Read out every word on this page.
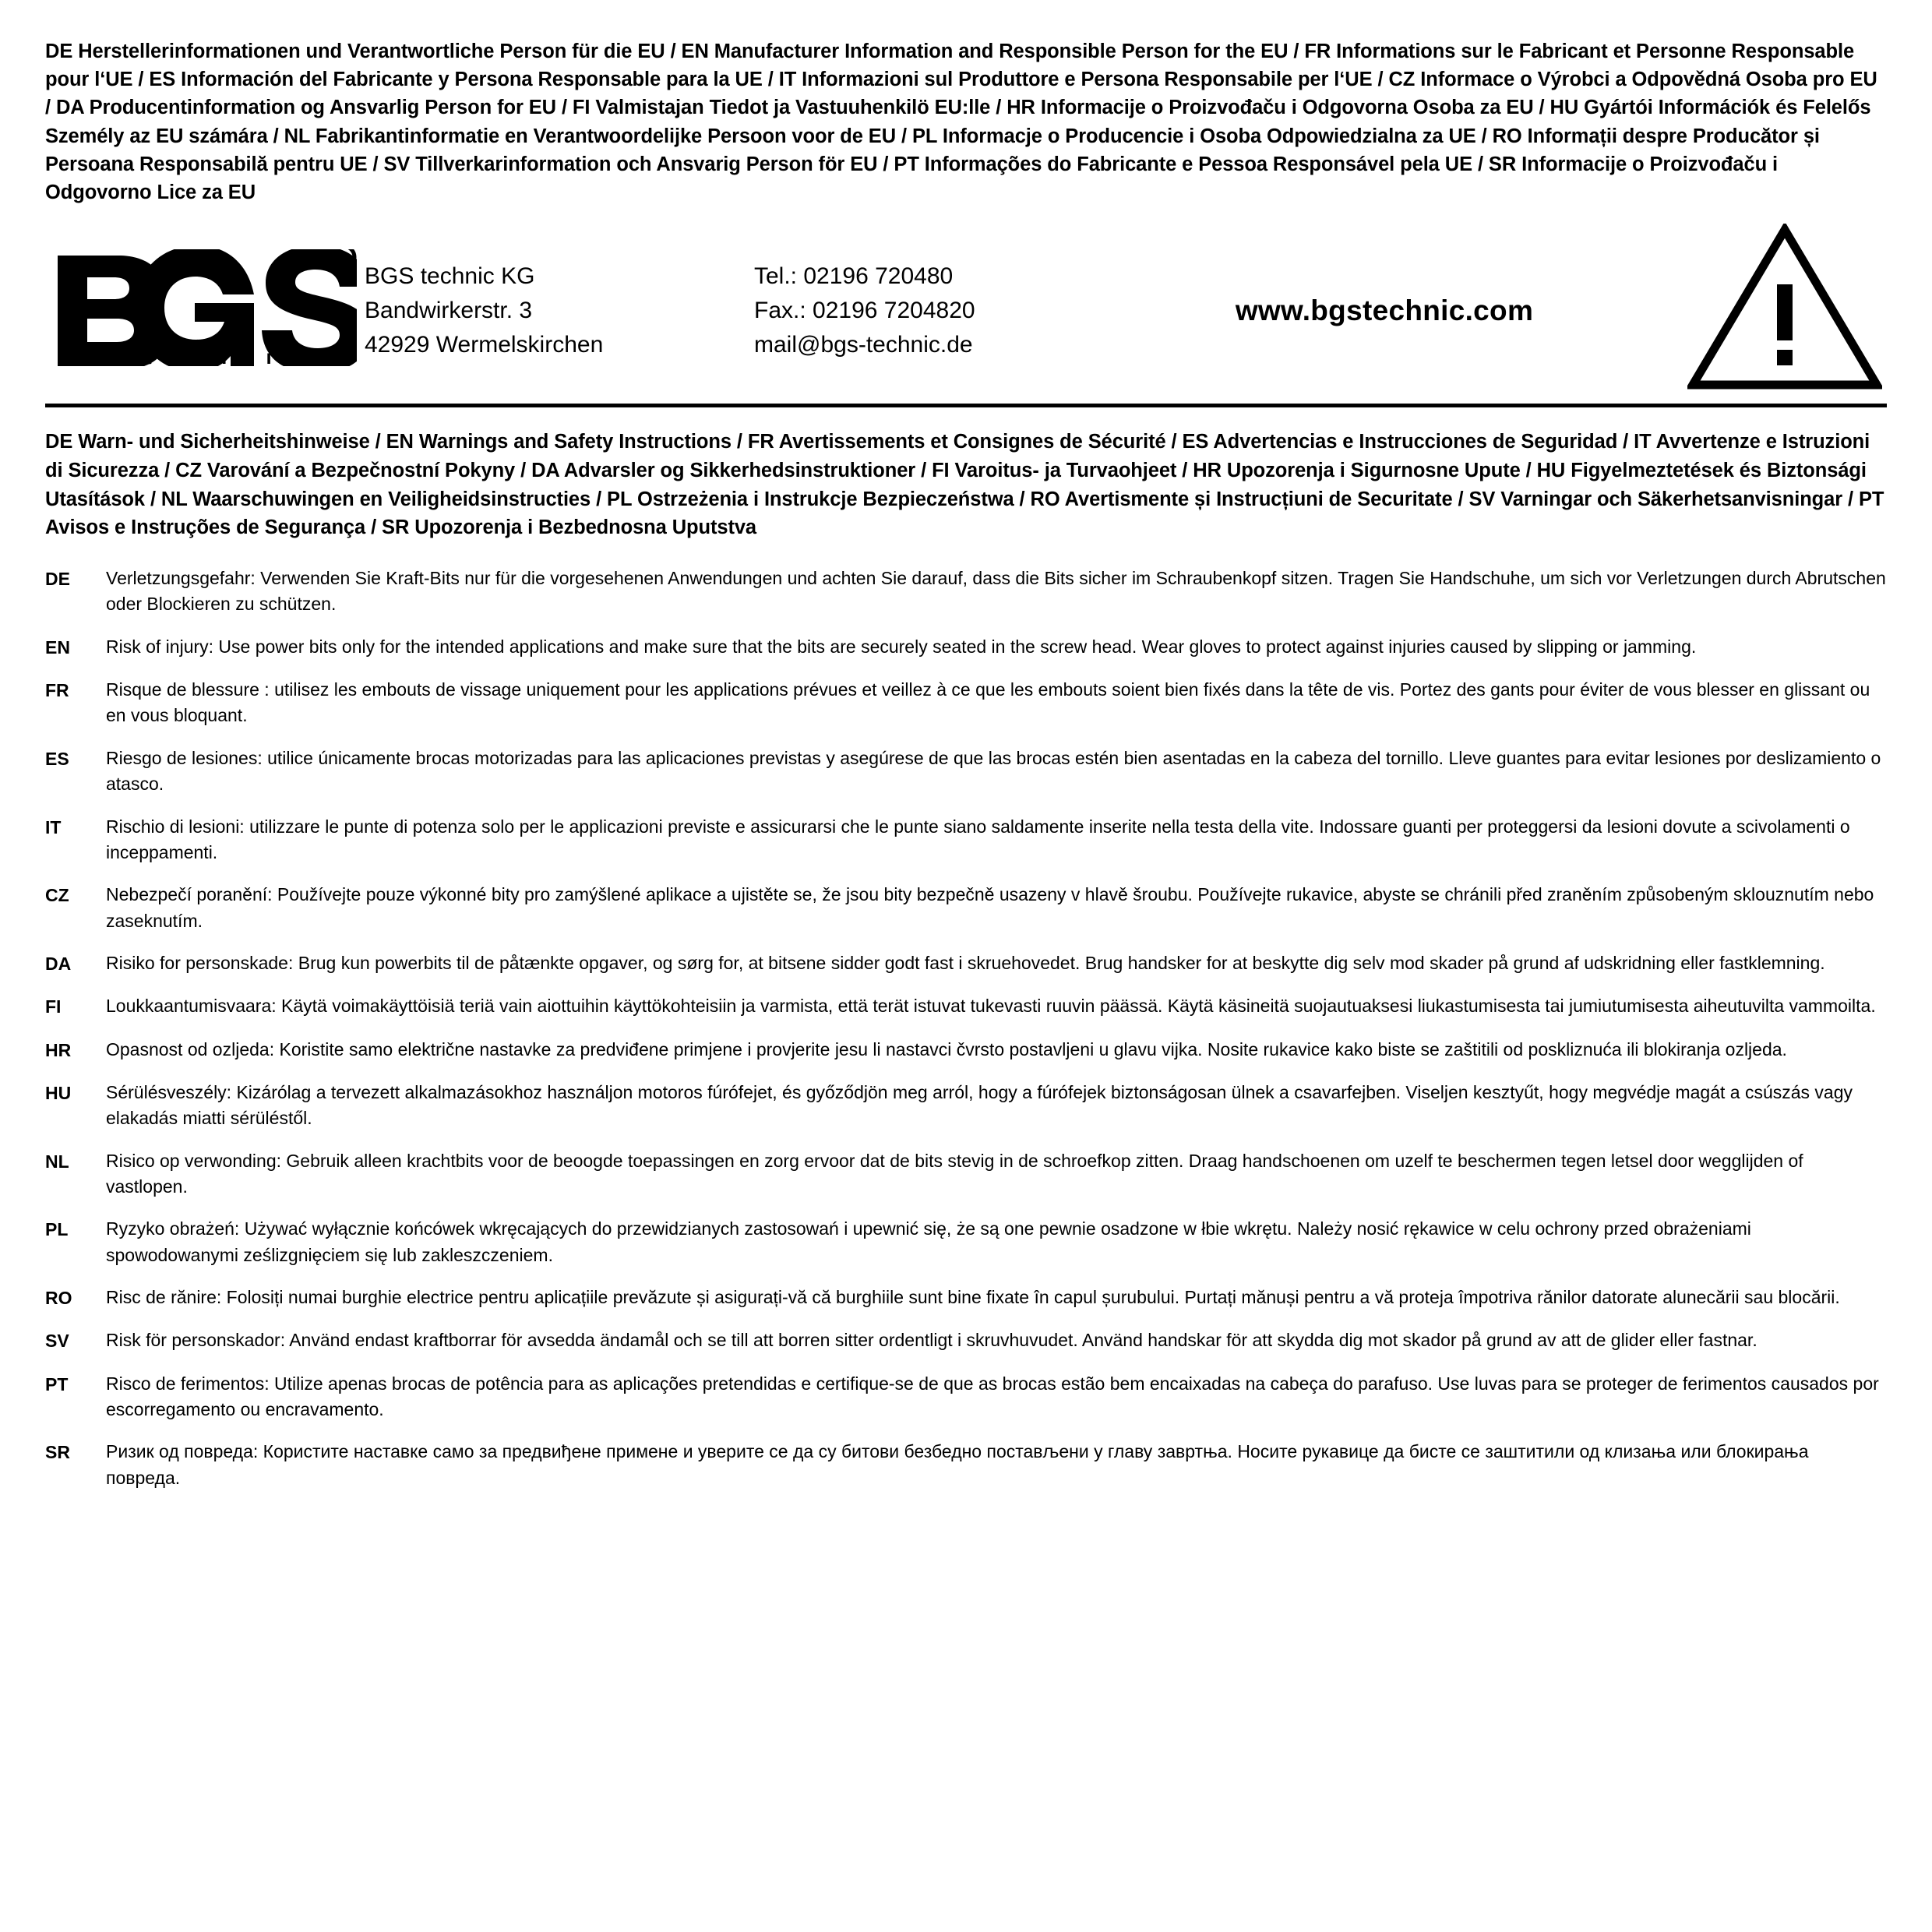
DE Herstellerinformationen und Verantwortliche Person für die EU / EN Manufacturer Information and Responsible Person for the EU / FR Informations sur le Fabricant et Personne Responsable pour l‘UE / ES Información del Fabricante y Persona Responsable para la UE / IT Informazioni sul Produttore e Persona Responsabile per l‘UE / CZ Informace o Výrobci a Odpovědná Osoba pro EU / DA Producentinformation og Ansvarlig Person for EU / FI Valmistajan Tiedot ja Vastuuhenkilö EU:lle / HR Informacije o Proizvođaču i Odgovorna Osoba za EU / HU Gyártói Információk és Felelős Személy az EU számára / NL Fabrikantinformatie en Verantwoordelijke Persoon voor de EU / PL Informacje o Producencie i Osoba Odpowiedzialna za UE / RO Informații despre Producător și Persoana Responsabilă pentru UE / SV Tillverkarinformation och Ansvarig Person för EU / PT Informações do Fabricante e Pessoa Responsável pela UE / SR Informacije o Proizvođaču i Odgovorno Lice za EU
R
t e c h n i c
BGS technic KG
Bandwirkerstr. 3
42929 Wermelskirchen
Tel.: 02196 720480
Fax.: 02196 7204820
mail@bgs-technic.de
www.bgstechnic.com
DE Warn- und Sicherheitshinweise / EN Warnings and Safety Instructions / FR Avertissements et Consignes de Sécurité / ES Advertencias e Instrucciones de Seguridad / IT Avvertenze e Istruzioni di Sicurezza / CZ Varování a Bezpečnostní Pokyny / DA Advarsler og Sikkerhedsinstruktioner / FI Varoitus- ja Turvaohjeet / HR Upozorenja i Sigurnosne Upute / HU Figyelmeztetések és Biztonsági Utasítások / NL Waarschuwingen en Veiligheidsinstructies / PL Ostrzeżenia i Instrukcje Bezpieczeństwa / RO Avertismente și Instrucțiuni de Securitate / SV Varningar och Säkerhetsanvisningar / PT Avisos e Instruções de Segurança / SR Upozorenja i Bezbednosna Uputstva
DE	Verletzungsgefahr: Verwenden Sie Kraft-Bits nur für die vorgesehenen Anwendungen und achten Sie darauf, dass die Bits sicher im Schraubenkopf sitzen. Tragen Sie Handschuhe, um sich vor Verletzungen durch Abrutschen oder Blockieren zu schützen.
EN	Risk of injury: Use power bits only for the intended applications and make sure that the bits are securely seated in the screw head. Wear gloves to protect against injuries caused by slipping or jamming.
FR	Risque de blessure : utilisez les embouts de vissage uniquement pour les applications prévues et veillez à ce que les embouts soient bien fixés dans la tête de vis. Portez des gants pour éviter de vous blesser en glissant ou en vous bloquant.
ES	Riesgo de lesiones: utilice únicamente brocas motorizadas para las aplicaciones previstas y asegúrese de que las brocas estén bien asentadas en la cabeza del tornillo. Lleve guantes para evitar lesiones por deslizamiento o atasco.
IT	Rischio di lesioni: utilizzare le punte di potenza solo per le applicazioni previste e assicurarsi che le punte siano saldamente inserite nella testa della vite. Indossare guanti per proteggersi da lesioni dovute a scivolamenti o inceppamenti.
CZ	Nebezpečí poranění: Používejte pouze výkonné bity pro zamýšlené aplikace a ujistěte se, že jsou bity bezpečně usazeny v hlavě šroubu. Používejte rukavice, abyste se chránili před zraněním způsobeným sklouznutím nebo zaseknutím.
DA	Risiko for personskade: Brug kun powerbits til de påtænkte opgaver, og sørg for, at bitsene sidder godt fast i skruehovedet. Brug handsker for at beskytte dig selv mod skader på grund af udskridning eller fastklemning.
FI	Loukkaantumisvaara: Käytä voimakäyttöisiä teriä vain aiottuihin käyttökohteisiin ja varmista, että terät istuvat tukevasti ruuvin päässä. Käytä käsineitä suojautuaksesi liukastumisesta tai jumiutumisesta aiheutuvilta vammoilta.
HR	Opasnost od ozljeda: Koristite samo električne nastavke za predviđene primjene i provjerite jesu li nastavci čvrsto postavljeni u glavu vijka. Nosite rukavice kako biste se zaštitili od poskliznuća ili blokiranja ozljeda.
HU	Sérülésveszély: Kizárólag a tervezett alkalmazásokhoz használjon motoros fúrófejet, és győződjön meg arról, hogy a fúrófejek biztonságosan ülnek a csavarfejben. Viseljen kesztyűt, hogy megvédje magát a csúszás vagy elakadás miatti sérüléstől.
NL	Risico op verwonding: Gebruik alleen krachtbits voor de beoogde toepassingen en zorg ervoor dat de bits stevig in de schroefkop zitten. Draag handschoenen om uzelf te beschermen tegen letsel door wegglijden of vastlopen.
PL	Ryzyko obrażeń: Używać wyłącznie końcówek wkręcających do przewidzianych zastosowań i upewnić się, że są one pewnie osadzone w łbie wkrętu. Należy nosić rękawice w celu ochrony przed obrażeniami spowodowanymi ześlizgnięciem się lub zakleszczeniem.
RO	Risc de rănire: Folosiți numai burghie electrice pentru aplicațiile prevăzute și asigurați-vă că burghiile sunt bine fixate în capul șurubului. Purtați mănuși pentru a vă proteja împotriva rănilor datorate alunecării sau blocării.
SV	Risk för personskador: Använd endast kraftborrar för avsedda ändamål och se till att borren sitter ordentligt i skruvhuvudet. Använd handskar för att skydda dig mot skador på grund av att de glider eller fastnar.
PT	Risco de ferimentos: Utilize apenas brocas de potência para as aplicações pretendidas e certifique-se de que as brocas estão bem encaixadas na cabeça do parafuso. Use luvas para se proteger de ferimentos causados por escorregamento ou encravamento.
SR	Ризик од повреда: Користите наставке само за предвиђене примене и уверите се да су битови безбедно постављени у главу завртња. Носите рукавице да бисте се заштитили од клизања или блокирања повреда.
